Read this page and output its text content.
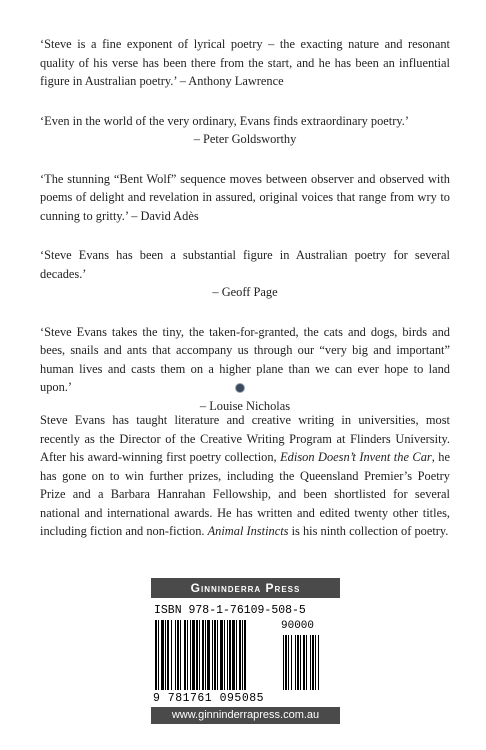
‘Steve is a fine exponent of lyrical poetry – the exacting nature and resonant quality of his verse has been there from the start, and he has been an influential figure in Australian poetry.’ – Anthony Lawrence
‘Even in the world of the very ordinary, Evans finds extraordinary poetry.’
– Peter Goldsworthy
‘The stunning “Bent Wolf” sequence moves between observer and observed with poems of delight and revelation in assured, original voices that range from wry to cunning to gritty.’ – David Adès
‘Steve Evans has been a substantial figure in Australian poetry for several decades.’
– Geoff Page
‘Steve Evans takes the tiny, the taken-for-granted, the cats and dogs, birds and bees, snails and ants that accompany us through our “very big and important” human lives and casts them on a higher plane than we can ever hope to land upon.’
– Louise Nicholas
Steve Evans has taught literature and creative writing in universities, most recently as the Director of the Creative Writing Program at Flinders University. After his award-winning first poetry collection, Edison Doesn’t Invent the Car, he has gone on to win further prizes, including the Queensland Premier’s Poetry Prize and a Barbara Hanrahan Fellowship, and been shortlisted for several national and international awards. He has written and edited twenty other titles, including fiction and non-fiction. Animal Instincts is his ninth collection of poetry.
Ginninderra Press
ISBN 978-1-76109-508-5
90000
9 781761 095085
www.ginninderrapress.com.au
